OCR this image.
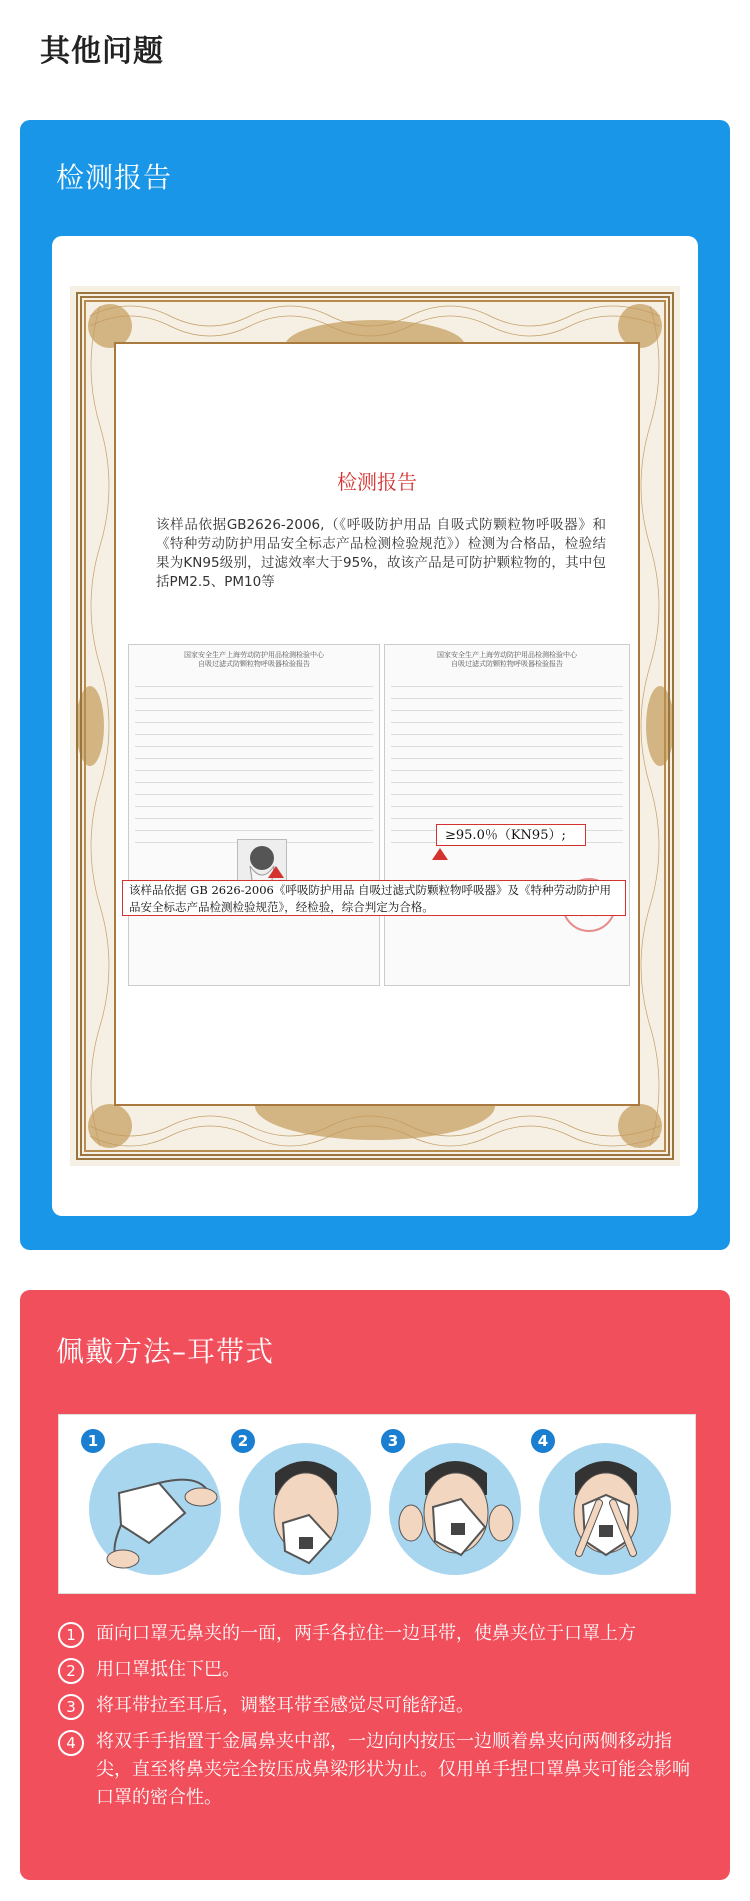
其他问题
检测报告
检测报告
该样品依据GB2626-2006,（《呼吸防护用品 自吸式防颗粒物呼吸器》和《特种劳动防护用品安全标志产品检测检验规范》）检测为合格品，检验结果为KN95级别，过滤效率大于95%，故该产品是可防护颗粒物的，其中包括PM2.5、PM10等
国家安全生产上海劳动防护用品检测检验中心
自吸过滤式防颗粒物呼吸器检验报告
国家安全生产上海劳动防护用品检测检验中心
自吸过滤式防颗粒物呼吸器检验报告
≥95.0％（KN95）;
该样品依据 GB 2626-2006《呼吸防护用品 自吸过滤式防颗粒物呼吸器》及《特种劳动防护用品安全标志产品检测检验规范》，经检验，综合判定为合格。
佩戴方法–耳带式
1	2	3	4
1	面向口罩无鼻夹的一面，两手各拉住一边耳带，使鼻夹位于口罩上方
2	用口罩抵住下巴。
3	将耳带拉至耳后，调整耳带至感觉尽可能舒适。
4	将双手手指置于金属鼻夹中部，一边向内按压一边顺着鼻夹向两侧移动指尖，直至将鼻夹完全按压成鼻梁形状为止。仅用单手捏口罩鼻夹可能会影响口罩的密合性。
